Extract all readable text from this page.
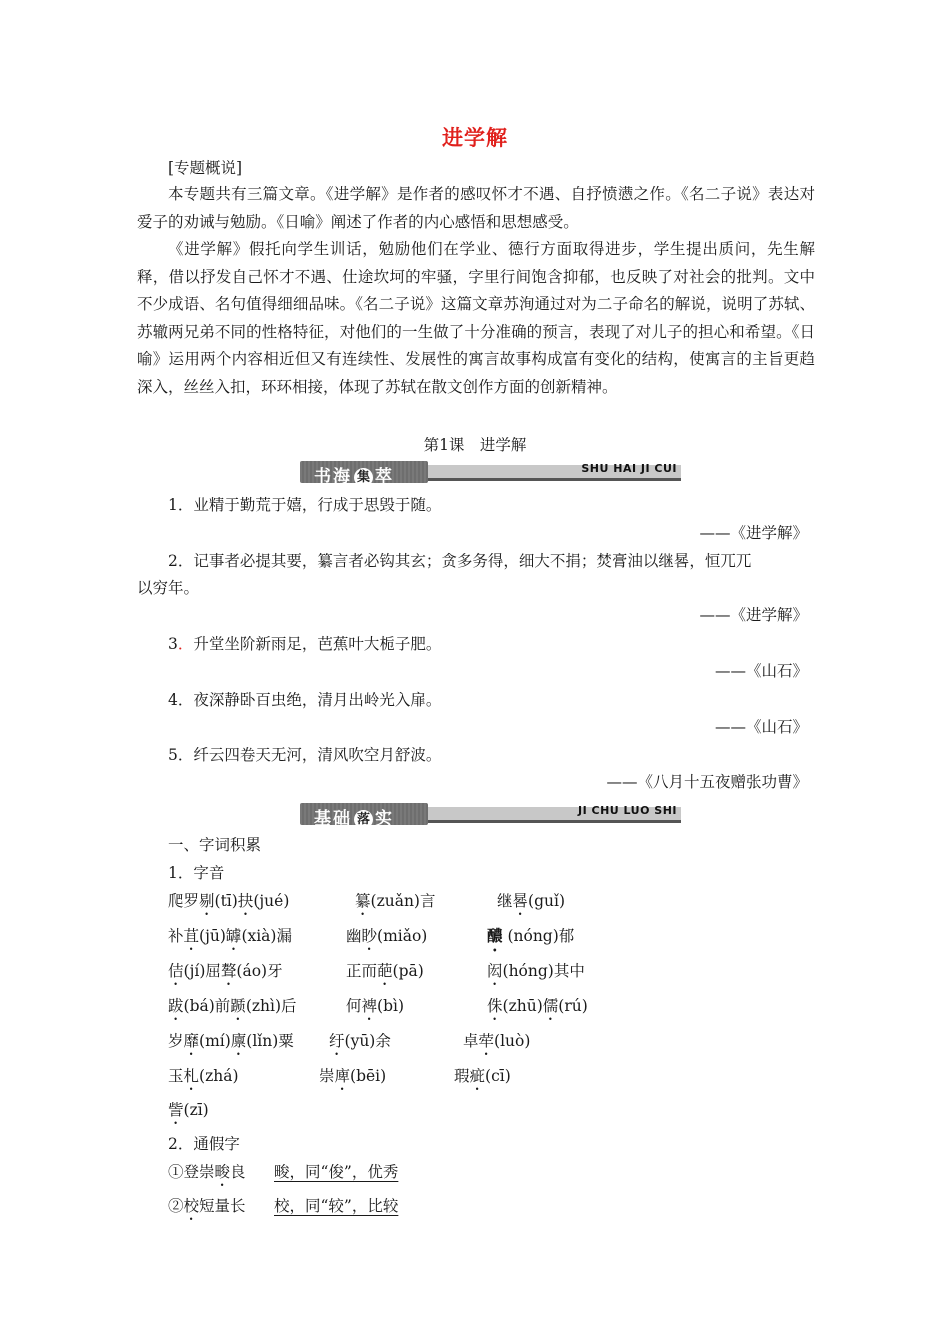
进学解
[专题概说]

本专题共有三篇文章。《进学解》是作者的感叹怀才不遇、自抒愤懑之作。《名二子说》表达对爱子的劝诫与勉励。《日喻》阐述了作者的内心感悟和思想感受。

《进学解》假托向学生训话，勉励他们在学业、德行方面取得进步，学生提出质问，先生解释，借以抒发自己怀才不遇、仕途坎坷的牢骚，字里行间饱含抑郁，也反映了对社会的批判。文中不少成语、名句值得细细品味。《名二子说》这篇文章苏洵通过对为二子命名的解说，说明了苏轼、苏辙两兄弟不同的性格特征，对他们的一生做了十分准确的预言，表现了对儿子的担心和希望。《日喻》运用两个内容相近但又有连续性、发展性的寓言故事构成富有变化的结构，使寓言的主旨更趋深入，丝丝入扣，环环相接，体现了苏轼在散文创作方面的创新精神。

第1课　进学解
书海 集 萃	SHU HAI JI CUI
1．业精于勤荒于嬉，行成于思毁于随。
——《进学解》
2．记事者必提其要，纂言者必钩其玄；贪多务得，细大不捐；焚膏油以继晷，恒兀兀
以穷年。
——《进学解》
3．升堂坐阶新雨足，芭蕉叶大栀子肥。
——《山石》
4．夜深静卧百虫绝，清月出岭光入扉。
——《山石》
5．纤云四卷天无河，清风吹空月舒波。
——《八月十五夜赠张功曹》
基础 落 实	JI CHU LUO SHI
一、字词积累
1．字音
爬罗剔(tī)抉(jué)	纂(zuǎn)言	继晷(guǐ)
补苴(jū)罅(xià)漏	幽眇(miǎo)	醲 (nóng)郁
佶(jí)屈聱(áo)牙	正而葩(pā)	闳(hóng)其中
跋(bá)前踬(zhì)后	何裨(bì)	侏(zhū)儒(rú)
岁靡(mí)廪(lǐn)粟 纡(yū)余	卓荦(luò)
玉札(zhá)	崇庳(bēi)	瑕疵(cī)
訾(zī)
2．通假字
①登崇畯良 畯，同“俊”，优秀
②校短量长 校，同“较”，比较
